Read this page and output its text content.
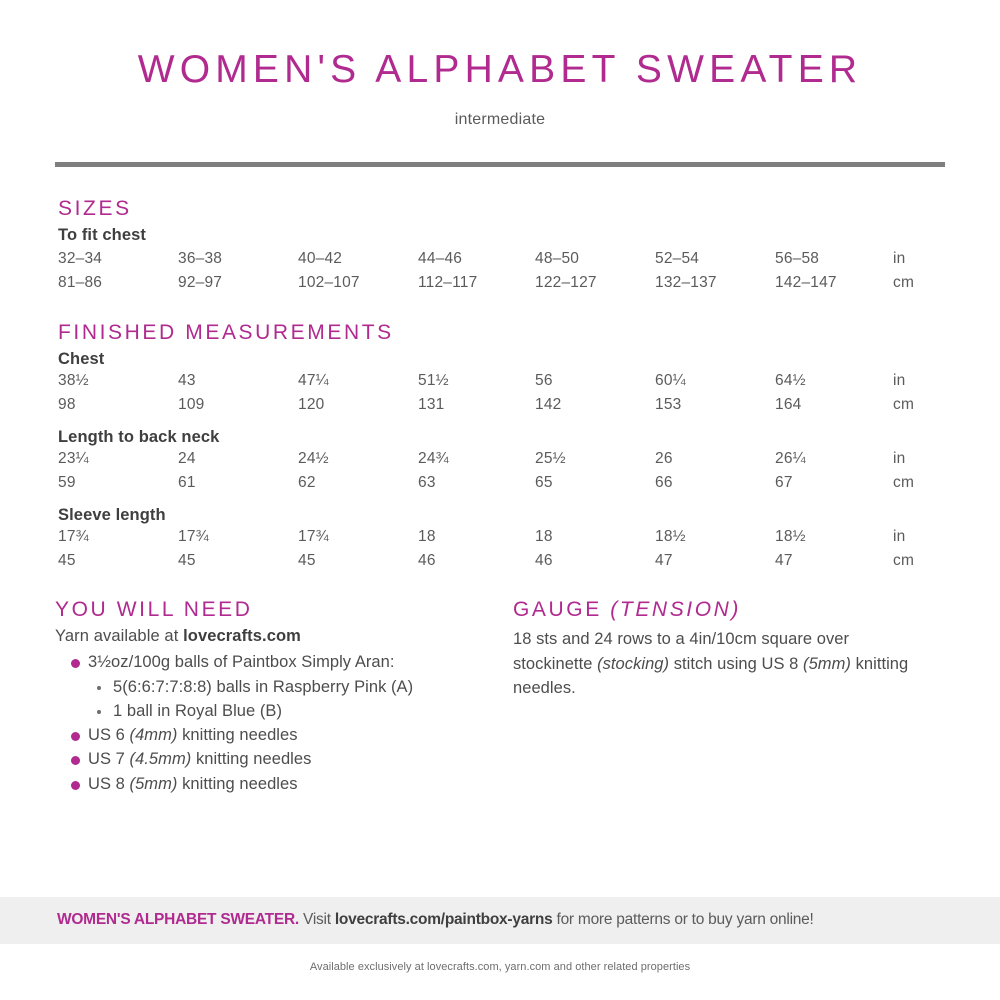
WOMEN'S ALPHABET SWEATER
intermediate
SIZES
To fit chest
32–34	36–38	40–42	44–46	48–50	52–54	56–58	in
81–86	92–97	102–107	112–117	122–127	132–137	142–147	cm
FINISHED MEASUREMENTS
Chest
38½	43	47¼	51½	56	60¼	64½	in
98	109	120	131	142	153	164	cm
Length to back neck
23¼	24	24½	24¾	25½	26	26¼	in
59	61	62	63	65	66	67	cm
Sleeve length
17¾	17¾	17¾	18	18	18½	18½	in
45	45	45	46	46	47	47	cm
YOU WILL NEED
Yarn available at lovecrafts.com
3½oz/100g balls of Paintbox Simply Aran:
5(6:6:7:7:8:8) balls in Raspberry Pink (A)
1 ball in Royal Blue (B)
US 6 (4mm) knitting needles
US 7 (4.5mm) knitting needles
US 8 (5mm) knitting needles
GAUGE (TENSION)
18 sts and 24 rows to a 4in/10cm square over stockinette (stocking) stitch using US 8 (5mm) knitting needles.
WOMEN'S ALPHABET SWEATER. Visit lovecrafts.com/paintbox-yarns for more patterns or to buy yarn online!
Available exclusively at lovecrafts.com, yarn.com and other related properties
